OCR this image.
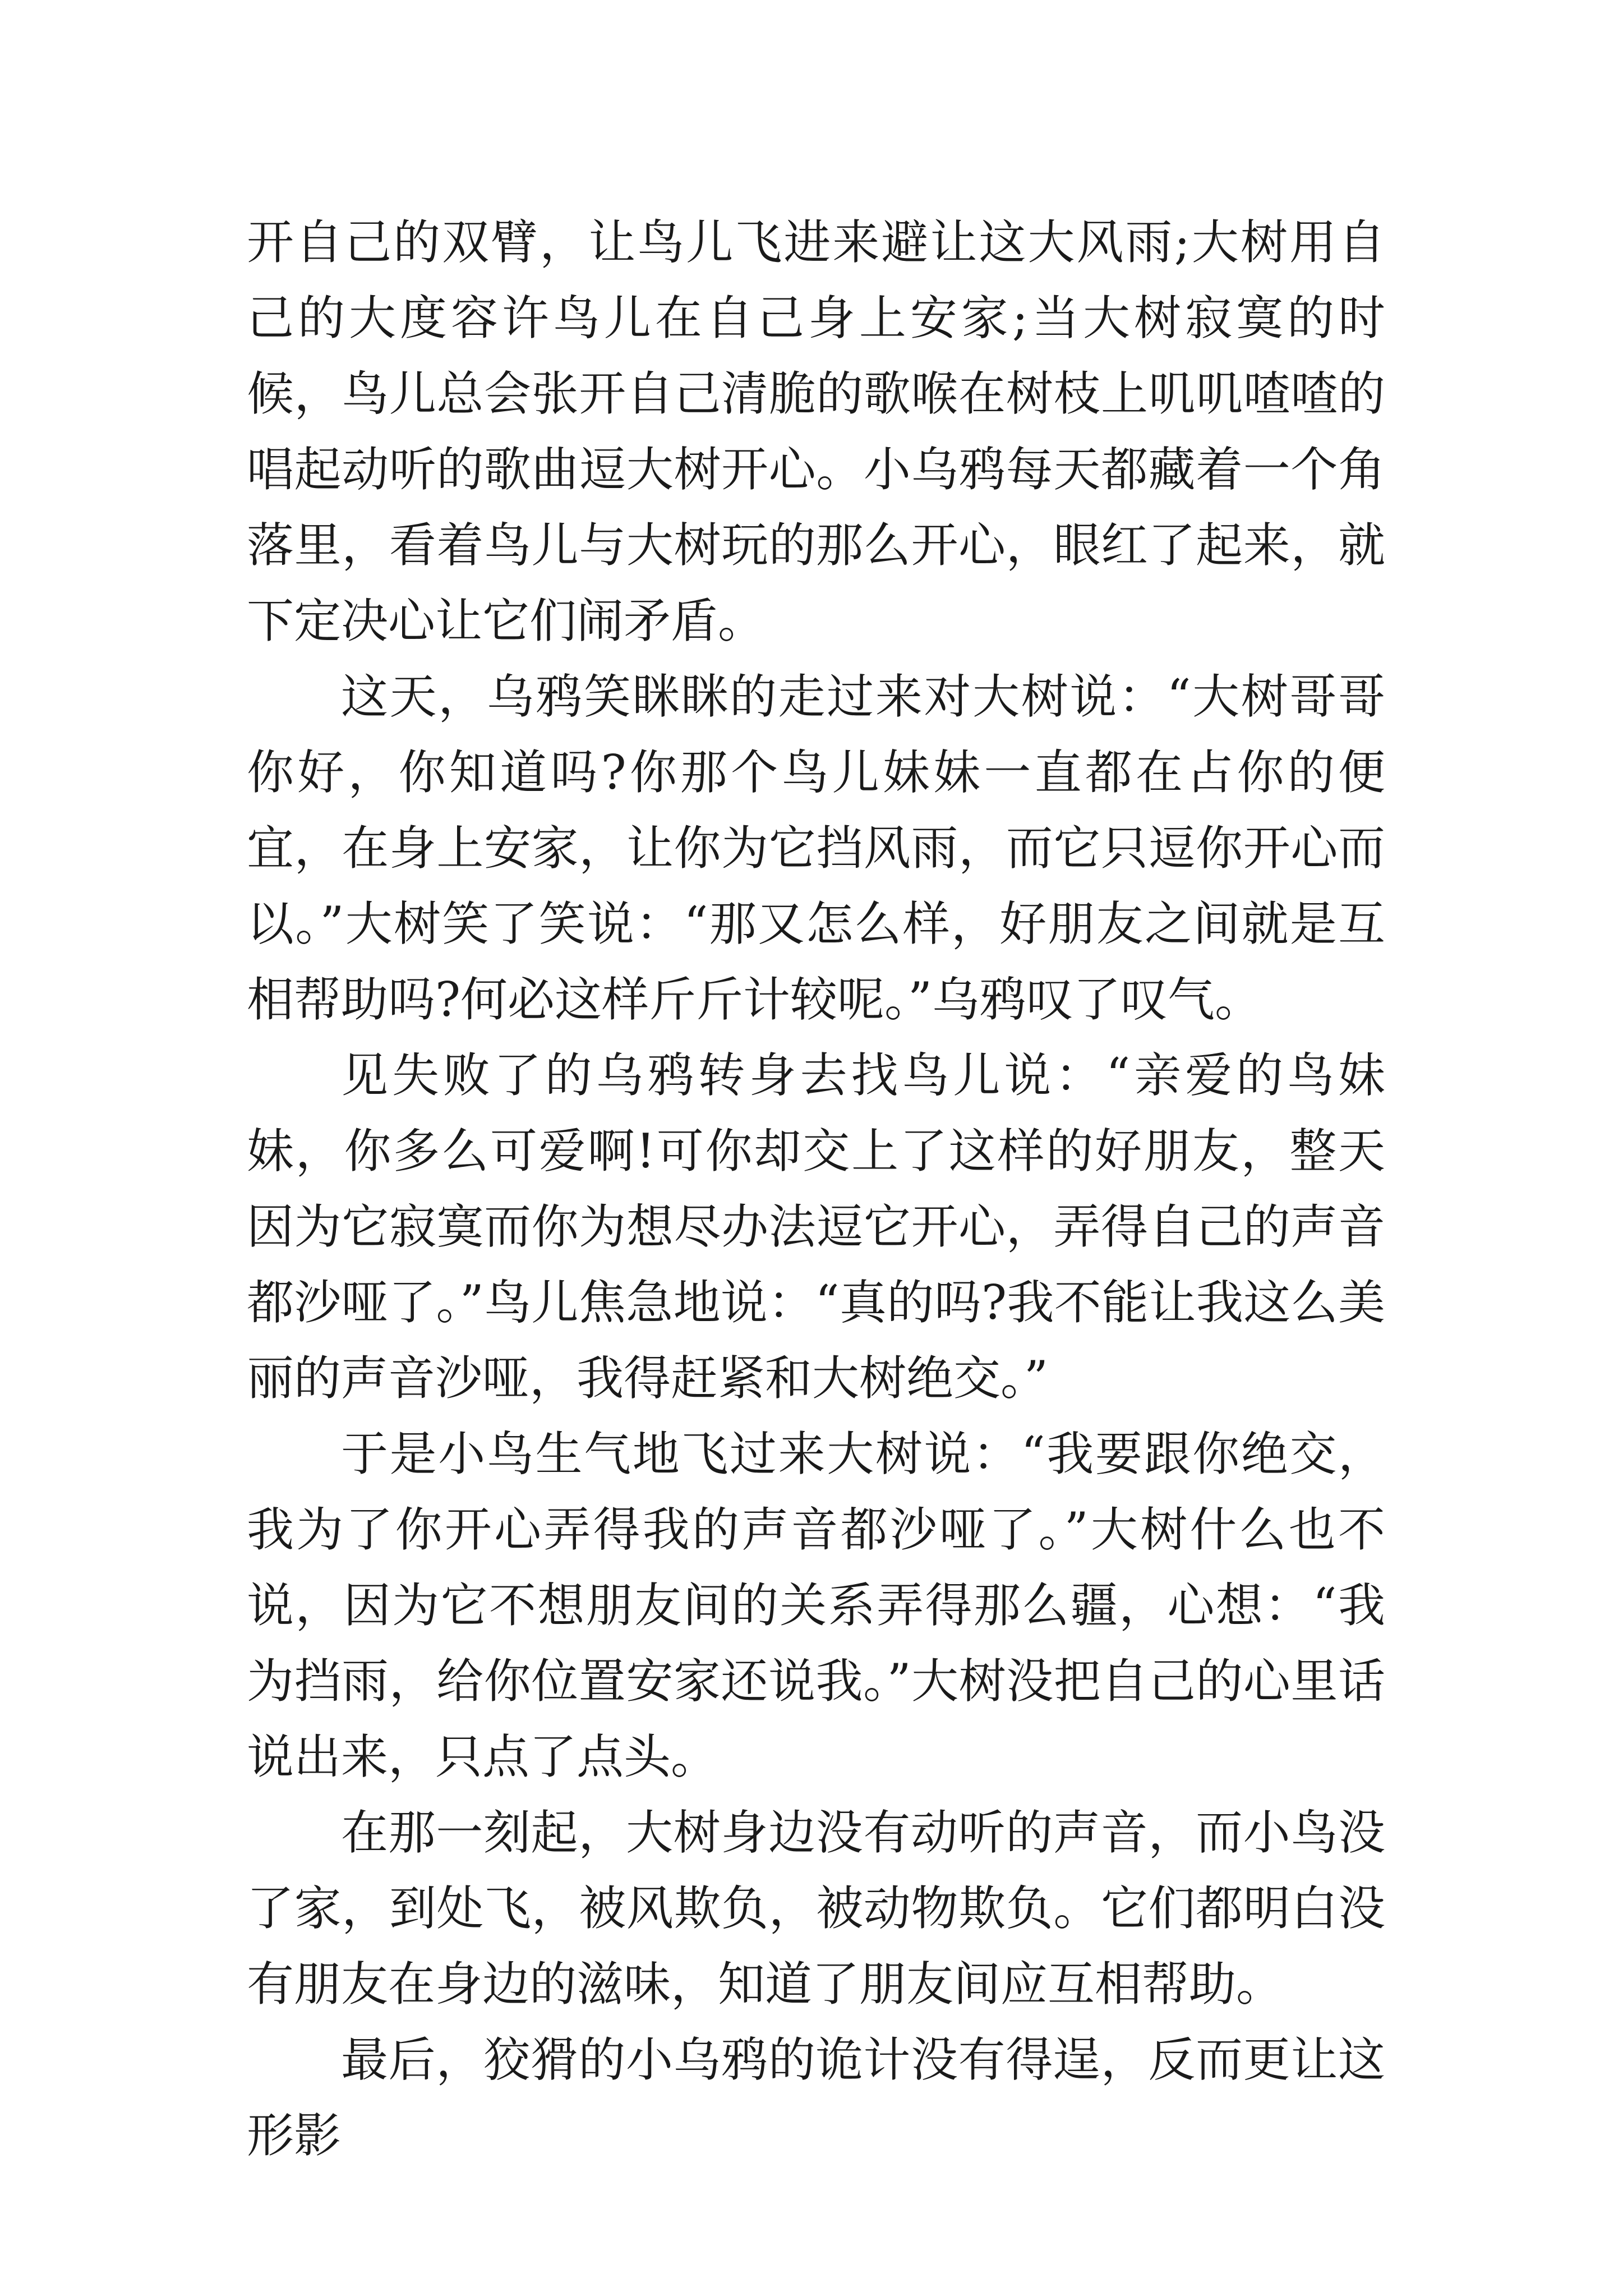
开自己的双臂，让鸟儿飞进来避让这大风雨;大树用自己的大度容许鸟儿在自己身上安家;当大树寂寞的时候，鸟儿总会张开自己清脆的歌喉在树枝上叽叽喳喳的唱起动听的歌曲逗大树开心。小乌鸦每天都藏着一个角落里，看着鸟儿与大树玩的那么开心，眼红了起来，就下定决心让它们闹矛盾。

这天，乌鸦笑眯眯的走过来对大树说：“大树哥哥你好，你知道吗?你那个鸟儿妹妹一直都在占你的便宜，在身上安家，让你为它挡风雨，而它只逗你开心而以。”大树笑了笑说：“那又怎么样，好朋友之间就是互相帮助吗?何必这样斤斤计较呢。”乌鸦叹了叹气。

见失败了的乌鸦转身去找鸟儿说：“亲爱的鸟妹妹，你多么可爱啊!可你却交上了这样的好朋友，整天因为它寂寞而你为想尽办法逗它开心，弄得自己的声音都沙哑了。”鸟儿焦急地说：“真的吗?我不能让我这么美丽的声音沙哑，我得赶紧和大树绝交。”

于是小鸟生气地飞过来大树说：“我要跟你绝交，我为了你开心弄得我的声音都沙哑了。”大树什么也不说，因为它不想朋友间的关系弄得那么疆，心想：“我为挡雨，给你位置安家还说我。”大树没把自己的心里话说出来，只点了点头。

在那一刻起，大树身边没有动听的声音，而小鸟没了家，到处飞，被风欺负，被动物欺负。它们都明白没有朋友在身边的滋味，知道了朋友间应互相帮助。

最后，狡猾的小乌鸦的诡计没有得逞，反而更让这形影
